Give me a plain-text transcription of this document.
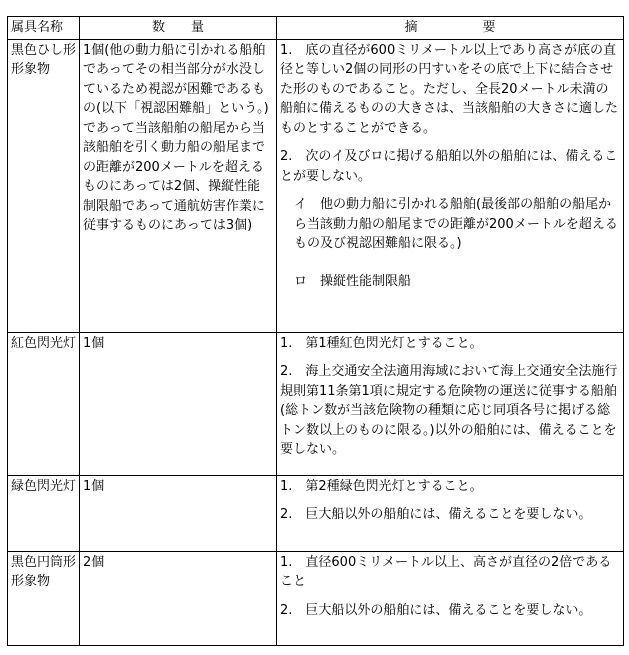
属具名称	数　　量	摘　　　　　要
黒色ひし形形象物	1個(他の動力船に引かれる船舶であってその相当部分が水没しているため視認が困難であるもの(以下「視認困難船」という。)であって当該船舶の船尾から当該船舶を引く動力船の船尾までの距離が200メートルを超えるものにあっては2個、操縦性能制限船であって通航妨害作業に従事するものにあっては3個)	1.　底の直径が600ミリメートル以上であり高さが底の直径と等しい2個の同形の円すいをその底で上下に結合させた形のものであること。ただし、全長20メートル未満の船舶に備えるものの大きさは、当該船舶の大きさに適したものとすることができる。

2.　次のイ及びロに掲げる船舶以外の船舶には、備えることが要しない。

イ　他の動力船に引かれる船舶(最後部の船舶の船尾から当該動力船の船尾までの距離が200メートルを超えるもの及び視認困難船に限る。)

ロ　操縦性能制限船

紅色閃光灯	1個	1.　第1種紅色閃光灯とすること。

2.　海上交通安全法適用海域において海上交通安全法施行規則第11条第1項に規定する危険物の運送に従事する船舶(総トン数が当該危険物の種類に応じ同項各号に掲げる総トン数以上のものに限る。)以外の船舶には、備えることを要しない。

緑色閃光灯	1個	1.　第2種緑色閃光灯とすること。

2.　巨大船以外の船舶には、備えることを要しない。

黒色円筒形形象物	2個	1.　直径600ミリメートル以上、高さが直径の2倍であること

2.　巨大船以外の船舶には、備えることを要しない。
